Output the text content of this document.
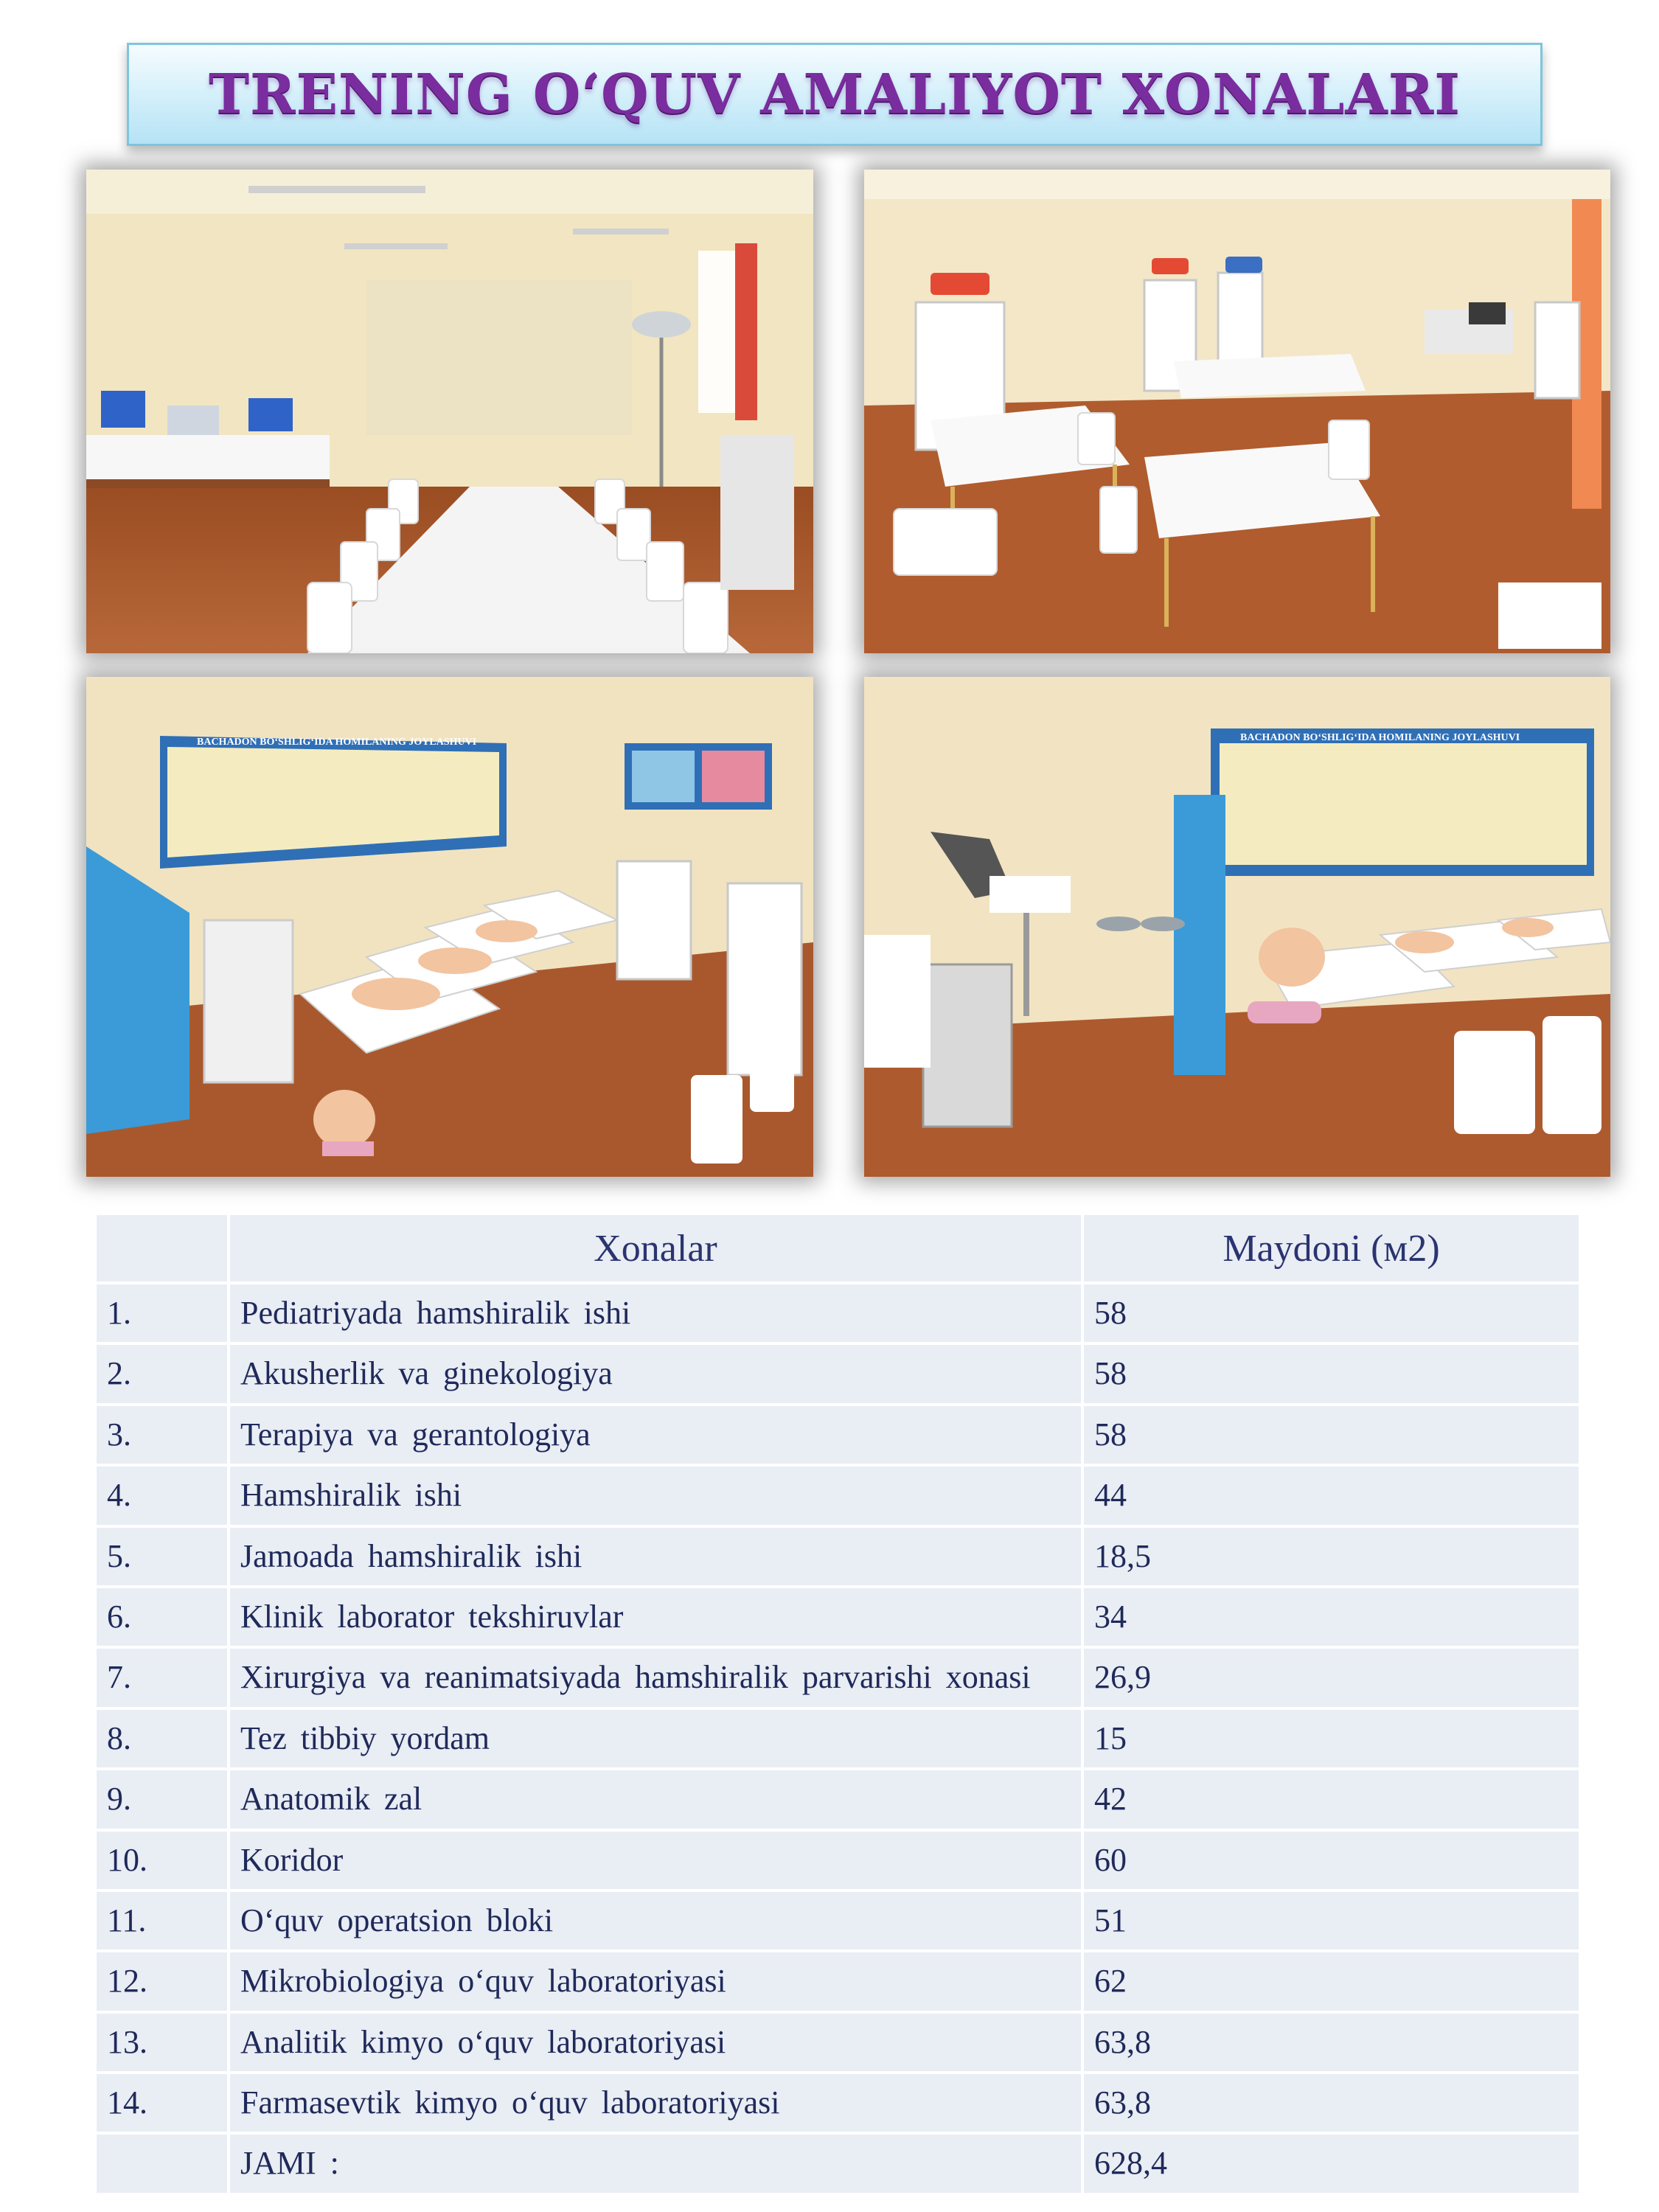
TRENING O‘QUV AMALIYOT XONALARI
BACHADON BO‘SHLIG‘IDA HOMILANING JOYLASHUVI	BACHADON BO‘SHLIG‘IDA HOMILANING JOYLASHUVI
	Xonalar	Maydoni (м2)
1.	Pediatriyada hamshiralik ishi	58
2.	Akusherlik va ginekologiya	58
3.	Terapiya va gerantologiya	58
4.	Hamshiralik ishi	44
5.	Jamoada hamshiralik ishi	18,5
6.	Klinik laborator tekshiruvlar	34
7.	Xirurgiya va reanimatsiyada hamshiralik parvarishi xonasi	26,9
8.	Tez tibbiy yordam	15
9.	Anatomik zal	42
10.	Koridor	60
11.	O‘quv operatsion bloki	51
12.	Mikrobiologiya o‘quv laboratoriyasi	62
13.	Analitik kimyo o‘quv laboratoriyasi	63,8
14.	Farmasevtik kimyo o‘quv laboratoriyasi	63,8
	JAMI :	628,4
